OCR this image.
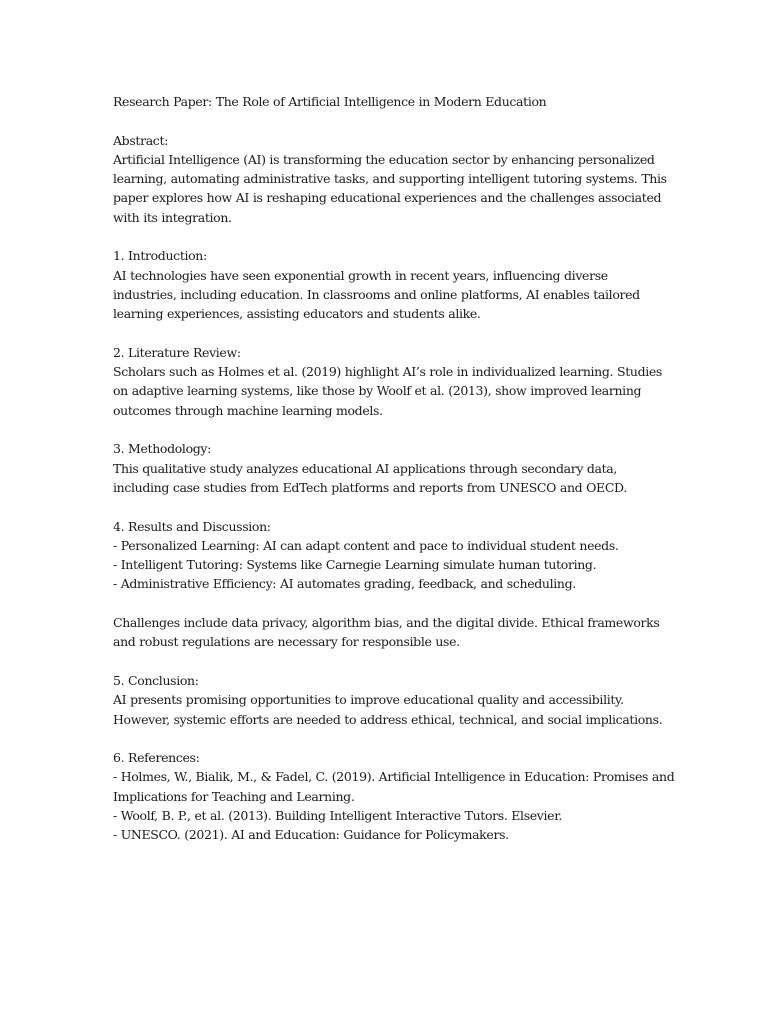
Research Paper: The Role of Artificial Intelligence in Modern Education
Abstract:
Artificial Intelligence (AI) is transforming the education sector by enhancing personalized
learning, automating administrative tasks, and supporting intelligent tutoring systems. This
paper explores how AI is reshaping educational experiences and the challenges associated
with its integration.
1. Introduction:
AI technologies have seen exponential growth in recent years, influencing diverse
industries, including education. In classrooms and online platforms, AI enables tailored
learning experiences, assisting educators and students alike.
2. Literature Review:
Scholars such as Holmes et al. (2019) highlight AI’s role in individualized learning. Studies
on adaptive learning systems, like those by Woolf et al. (2013), show improved learning
outcomes through machine learning models.
3. Methodology:
This qualitative study analyzes educational AI applications through secondary data,
including case studies from EdTech platforms and reports from UNESCO and OECD.
4. Results and Discussion:
- Personalized Learning: AI can adapt content and pace to individual student needs.
- Intelligent Tutoring: Systems like Carnegie Learning simulate human tutoring.
- Administrative Efficiency: AI automates grading, feedback, and scheduling.
Challenges include data privacy, algorithm bias, and the digital divide. Ethical frameworks
and robust regulations are necessary for responsible use.
5. Conclusion:
AI presents promising opportunities to improve educational quality and accessibility.
However, systemic efforts are needed to address ethical, technical, and social implications.
6. References:
- Holmes, W., Bialik, M., & Fadel, C. (2019). Artificial Intelligence in Education: Promises and
Implications for Teaching and Learning.
- Woolf, B. P., et al. (2013). Building Intelligent Interactive Tutors. Elsevier.
- UNESCO. (2021). AI and Education: Guidance for Policymakers.
